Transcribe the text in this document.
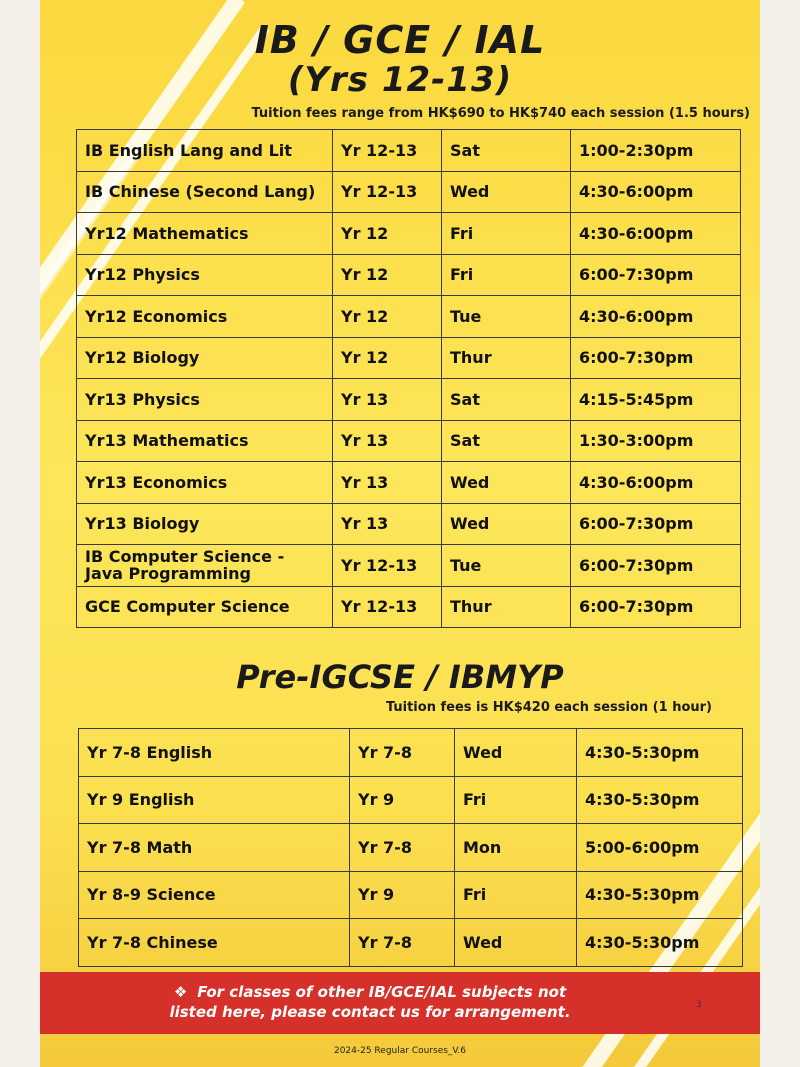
IB / GCE / IAL
(Yrs 12-13)
Tuition fees range from HK$690 to HK$740 each session (1.5 hours)
IB English Lang and Lit	Yr 12-13	Sat	1:00-2:30pm
IB Chinese (Second Lang)	Yr 12-13	Wed	4:30-6:00pm
Yr12 Mathematics	Yr 12	Fri	4:30-6:00pm
Yr12 Physics	Yr 12	Fri	6:00-7:30pm
Yr12 Economics	Yr 12	Tue	4:30-6:00pm
Yr12 Biology	Yr 12	Thur	6:00-7:30pm
Yr13 Physics	Yr 13	Sat	4:15-5:45pm
Yr13 Mathematics	Yr 13	Sat	1:30-3:00pm
Yr13 Economics	Yr 13	Wed	4:30-6:00pm
Yr13 Biology	Yr 13	Wed	6:00-7:30pm
IB Computer Science - Java Programming	Yr 12-13	Tue	6:00-7:30pm
GCE Computer Science	Yr 12-13	Thur	6:00-7:30pm
Pre-IGCSE / IBMYP
Tuition fees is HK$420 each session (1 hour)
Yr 7-8 English	Yr 7-8	Wed	4:30-5:30pm
Yr 9 English	Yr 9	Fri	4:30-5:30pm
Yr 7-8 Math	Yr 7-8	Mon	5:00-6:00pm
Yr 8-9 Science	Yr 9	Fri	4:30-5:30pm
Yr 7-8 Chinese	Yr 7-8	Wed	4:30-5:30pm
❖ For classes of other IB/GCE/IAL subjects not
listed here, please contact us for arrangement.	3
2024-25 Regular Courses_V.6
